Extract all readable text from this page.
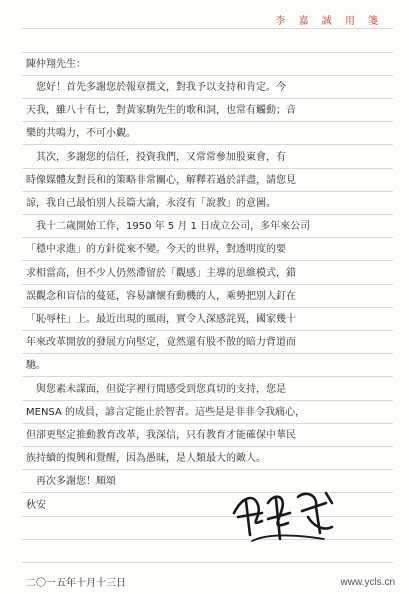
李 嘉 誠 用 箋
陳仲翔先生：
　您好！首先多謝您於報章撰文，對我予以支持和肯定。今
天我，雖八十有七，對黃家駒先生的歌和詞，也常有觸動；音
樂的共鳴力，不可小覷。
　其次，多謝您的信任，投資我們，又常常參加股東會，有
時像媒體友對長和的策略非常關心，解釋若過於詳盡，請您見
諒，我自己最怕別人長篇大論，永沒有「說教」的意圖。
　我十二歲開始工作，1950 年 5 月 1 日成立公司，多年來公司
「穩中求進」的方針從來不變。今天的世界，對透明度的要
求相當高，但不少人仍然滯留於「觀感」主導的思維模式，錯
誤觀念和盲信的蔓延，容易讓懷有動機的人，乘勢把別人釘在
「恥辱柱」上。最近出現的風雨，實令人深感詫異，國家幾十
年來改革開放的發展方向堅定，竟然還有股不散的暗力背道而
馳。
　與您素未謀面，但從字裡行間感受到您真切的支持，您是
MENSA 的成員，諺言定能止於智者。這些是是非非令我痛心，
但卻更堅定推動教育改革，我深信，只有教育才能確保中華民
族持續的復興和覺醒，因為愚昧，是人類最大的敵人。
　再次多謝您！順頌
秋安
二〇一五年十月十三日	www.ycls.cn
